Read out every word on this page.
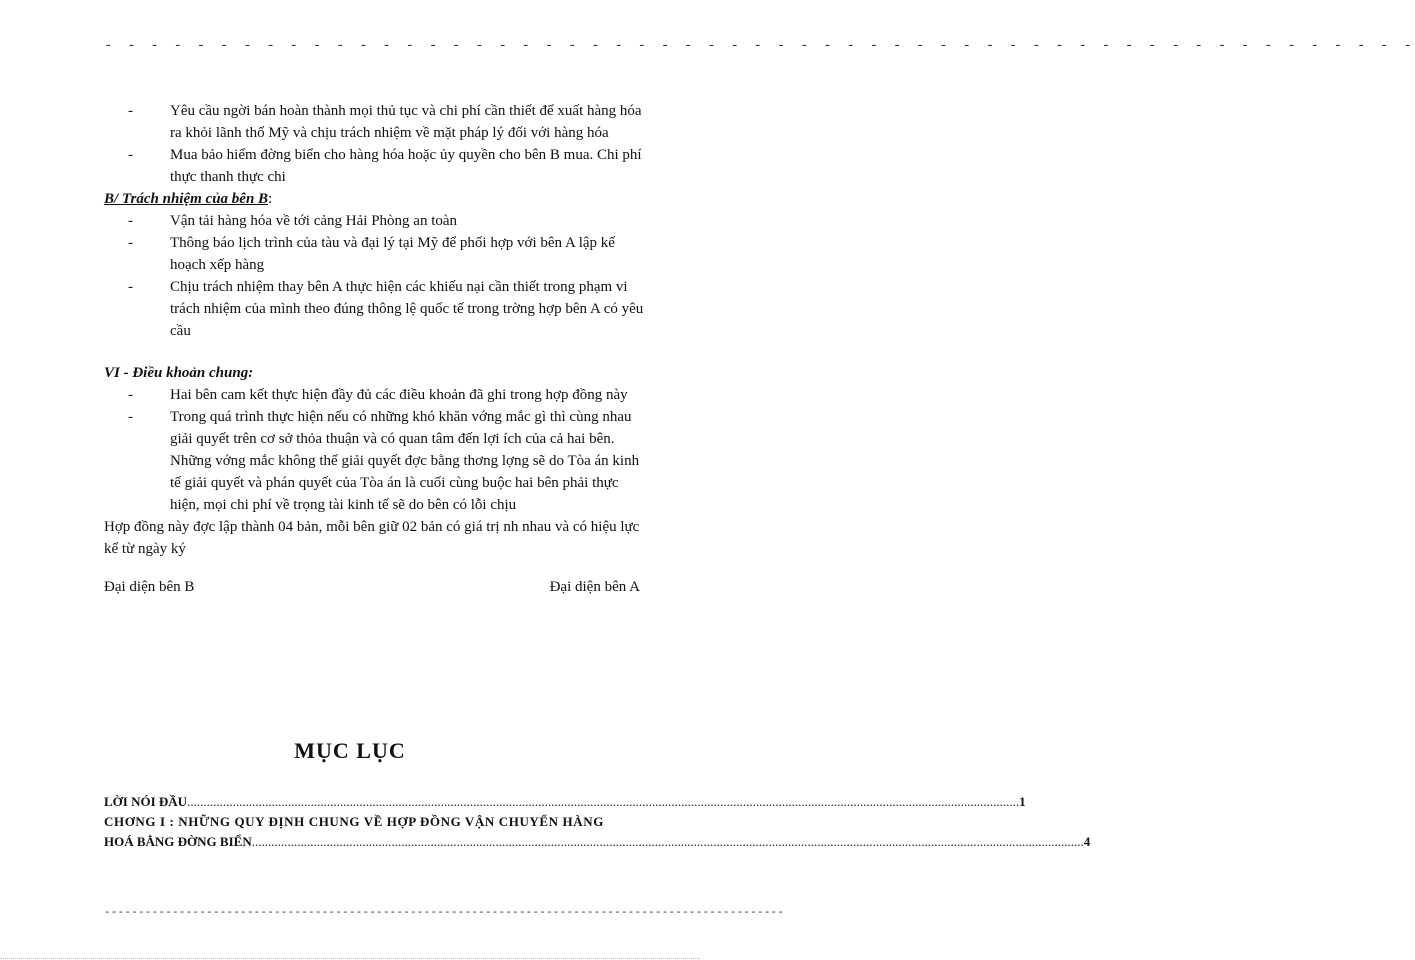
- - - - - - - - - - - - - - - - - - - - - - - - - - - - - - - - - - - - - - - - - - - - - - - - - - - - - - - - -
- Yêu cầu ngời bán hoàn thành mọi thủ tục và chi phí cần thiết để xuất hàng hóa ra khỏi lãnh thổ Mỹ và chịu trách nhiệm về mặt pháp lý đối với hàng hóa
- Mua bảo hiểm đờng biển cho hàng hóa hoặc ủy quyền cho bên B mua. Chi phí thực thanh thực chi
B/ Trách nhiệm của bên B:
- Vận tải hàng hóa về tới cảng Hải Phòng an toàn
- Thông báo lịch trình của tàu và đại lý tại Mỹ để phối hợp với bên A lập kế hoạch xếp hàng
- Chịu trách nhiệm thay bên A thực hiện các khiếu nại cần thiết trong phạm vi trách nhiệm của mình theo đúng thông lệ quốc tế trong trờng hợp bên A có yêu cầu
VI - Điều khoản chung:
- Hai bên cam kết thực hiện đầy đủ các điều khoản đã ghi trong hợp đồng này
- Trong quá trình thực hiện nếu có những khó khăn vớng mắc gì thì cùng nhau giải quyết trên cơ sở thỏa thuận và có quan tâm đến lợi ích của cả hai bên. Những vớng mắc không thể giải quyết đợc bằng thơng lợng sẽ do Tòa án kinh tế giải quyết và phán quyết của Tòa án là cuối cùng buộc hai bên phải thực hiện, mọi chi phí về trọng tài kinh tế sẽ do bên có lỗi chịu
Hợp đồng này đợc lập thành 04 bản, mỗi bên giữ 02 bản có giá trị nh nhau và có hiệu lực kể từ ngày ký
Đại diện bên B	Đại diện bên A
MỤC LỤC
LỜI NÓI ĐẦU .....	1
CHƠNG I : NHỮNG QUY ĐỊNH CHUNG VỀ HỢP ĐỒNG VẬN CHUYỂN HÀNG
HOÁ BẰNG ĐỜNG BIỂN .....	4
----------------------------------------------------------------------------------------------------
